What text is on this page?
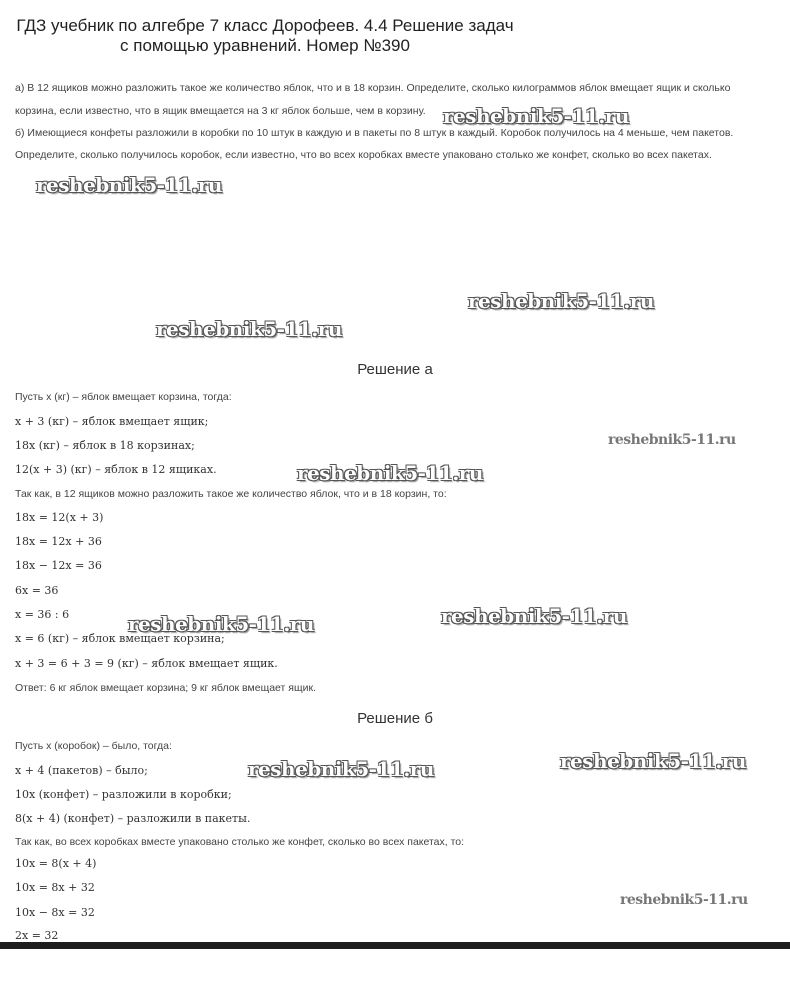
ГДЗ учебник по алгебре 7 класс Дорофеев. 4.4 Решение задач
с помощью уравнений. Номер №390
а) В 12 ящиков можно разложить такое же количество яблок, что и в 18 корзин. Определите, сколько килограммов яблок вмещает ящик и сколько
корзина, если известно, что в ящик вмещается на 3 кг яблок больше, чем в корзину.
б) Имеющиеся конфеты разложили в коробки по 10 штук в каждую и в пакеты по 8 штук в каждый. Коробок получилось на 4 меньше, чем пакетов.
Определите, сколько получилось коробок, если известно, что во всех коробках вместе упаковано столько же конфет, сколько во всех пакетах.
Решение а
Пусть x (кг) – яблок вмещает корзина, тогда:
x + 3 (кг) – яблок вмещает ящик;
18x (кг) – яблок в 18 корзинах;
12(x + 3) (кг) – яблок в 12 ящиках.
Так как, в 12 ящиков можно разложить такое же количество яблок, что и в 18 корзин, то:
18x = 12(x + 3)
18x = 12x + 36
18x − 12x = 36
6x = 36
x = 36 : 6
x = 6 (кг) – яблок вмещает корзина;
x + 3 = 6 + 3 = 9 (кг) – яблок вмещает ящик.
Ответ: 6 кг яблок вмещает корзина; 9 кг яблок вмещает ящик.
Решение б
Пусть x (коробок) – было, тогда:
x + 4 (пакетов) – было;
10x (конфет) – разложили в коробки;
8(x + 4) (конфет) – разложили в пакеты.
Так как, во всех коробках вместе упаковано столько же конфет, сколько во всех пакетах, то:
10x = 8(x + 4)
10x = 8x + 32
10x − 8x = 32
2x = 32
reshebnik5-11.ru
reshebnik5-11.ru
reshebnik5-11.ru
reshebnik5-11.ru
reshebnik5-11.ru
reshebnik5-11.ru
reshebnik5-11.ru	reshebnik5-11.ru
reshebnik5-11.ru	reshebnik5-11.ru
reshebnik5-11.ru
